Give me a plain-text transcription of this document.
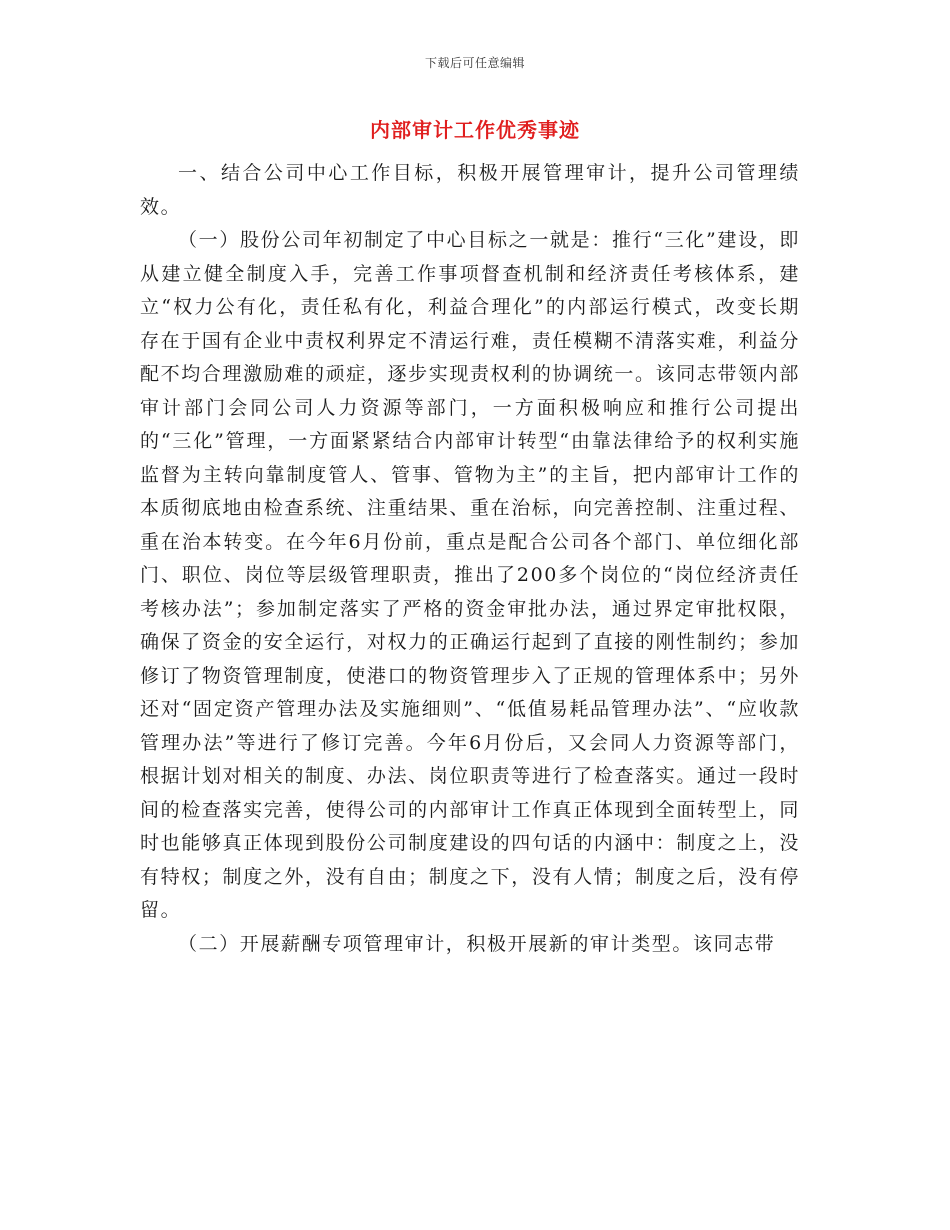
下载后可任意编辑
内部审计工作优秀事迹

一、结合公司中心工作目标，积极开展管理审计，提升公司管理绩效。

（一）股份公司年初制定了中心目标之一就是：推行“三化”建设，即从建立健全制度入手，完善工作事项督查机制和经济责任考核体系，建立“权力公有化，责任私有化，利益合理化”的内部运行模式，改变长期存在于国有企业中责权利界定不清运行难，责任模糊不清落实难，利益分配不均合理激励难的顽症，逐步实现责权利的协调统一。该同志带领内部审计部门会同公司人力资源等部门，一方面积极响应和推行公司提出的“三化”管理，一方面紧紧结合内部审计转型“由靠法律给予的权利实施监督为主转向靠制度管人、管事、管物为主”的主旨，把内部审计工作的本质彻底地由检查系统、注重结果、重在治标，向完善控制、注重过程、重在治本转变。在今年6月份前，重点是配合公司各个部门、单位细化部门、职位、岗位等层级管理职责，推出了200多个岗位的“岗位经济责任考核办法”；参加制定落实了严格的资金审批办法，通过界定审批权限，确保了资金的安全运行，对权力的正确运行起到了直接的刚性制约；参加修订了物资管理制度，使港口的物资管理步入了正规的管理体系中；另外还对“固定资产管理办法及实施细则”、“低值易耗品管理办法”、“应收款管理办法”等进行了修订完善。今年6月份后，又会同人力资源等部门，根据计划对相关的制度、办法、岗位职责等进行了检查落实。通过一段时间的检查落实完善，使得公司的内部审计工作真正体现到全面转型上，同时也能够真正体现到股份公司制度建设的四句话的内涵中：制度之上，没有特权；制度之外，没有自由；制度之下，没有人情；制度之后，没有停留。

（二）开展薪酬专项管理审计，积极开展新的审计类型。该同志带
